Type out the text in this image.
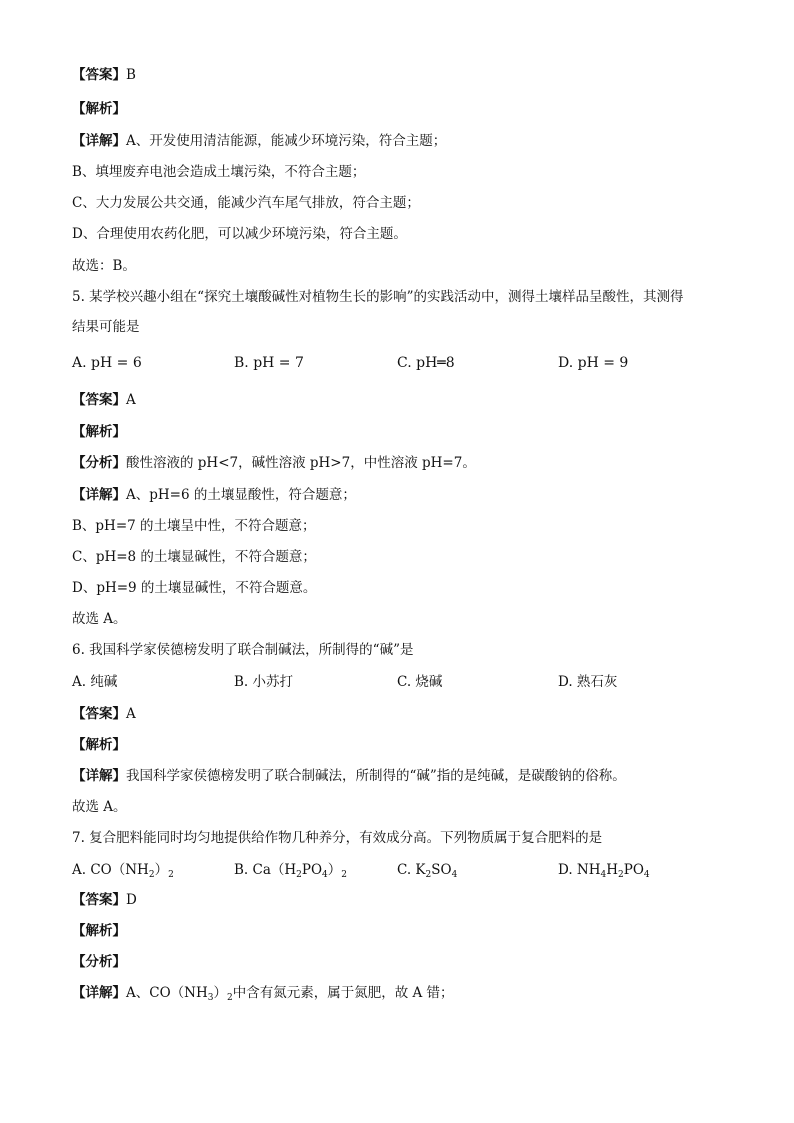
【答案】B
【解析】
【详解】A、开发使用清洁能源，能减少环境污染，符合主题；
B、填埋废弃电池会造成土壤污染，不符合主题；
C、大力发展公共交通，能减少汽车尾气排放，符合主题；
D、合理使用农药化肥，可以减少环境污染，符合主题。
故选：B。
5. 某学校兴趣小组在“探究土壤酸碱性对植物生长的影响”的实践活动中，测得土壤样品呈酸性，其测得
结果可能是
A. pH = 6	B. pH = 7	C. pH═8	D. pH = 9
【答案】A
【解析】
【分析】酸性溶液的 pH<7，碱性溶液 pH>7，中性溶液 pH=7。
【详解】A、pH=6 的土壤显酸性，符合题意；
B、pH=7 的土壤呈中性，不符合题意；
C、pH=8 的土壤显碱性，不符合题意；
D、pH=9 的土壤显碱性，不符合题意。
故选 A。
6. 我国科学家侯德榜发明了联合制碱法，所制得的“碱”是
A. 纯碱	B. 小苏打	C. 烧碱	D. 熟石灰
【答案】A
【解析】
【详解】我国科学家侯德榜发明了联合制碱法，所制得的“碱”指的是纯碱，是碳酸钠的俗称。
故选 A。
7. 复合肥料能同时均匀地提供给作物几种养分，有效成分高。下列物质属于复合肥料的是
A. $CO(NH_2)_2$	B. $Ca(H_2PO_4)_2$	C. $K_2SO_4$	D. $NH_4H_2PO_4$
【答案】D
【解析】
【分析】
【详解】A、$CO(NH_3)_2$中含有氮元素，属于氮肥，故 A 错；
